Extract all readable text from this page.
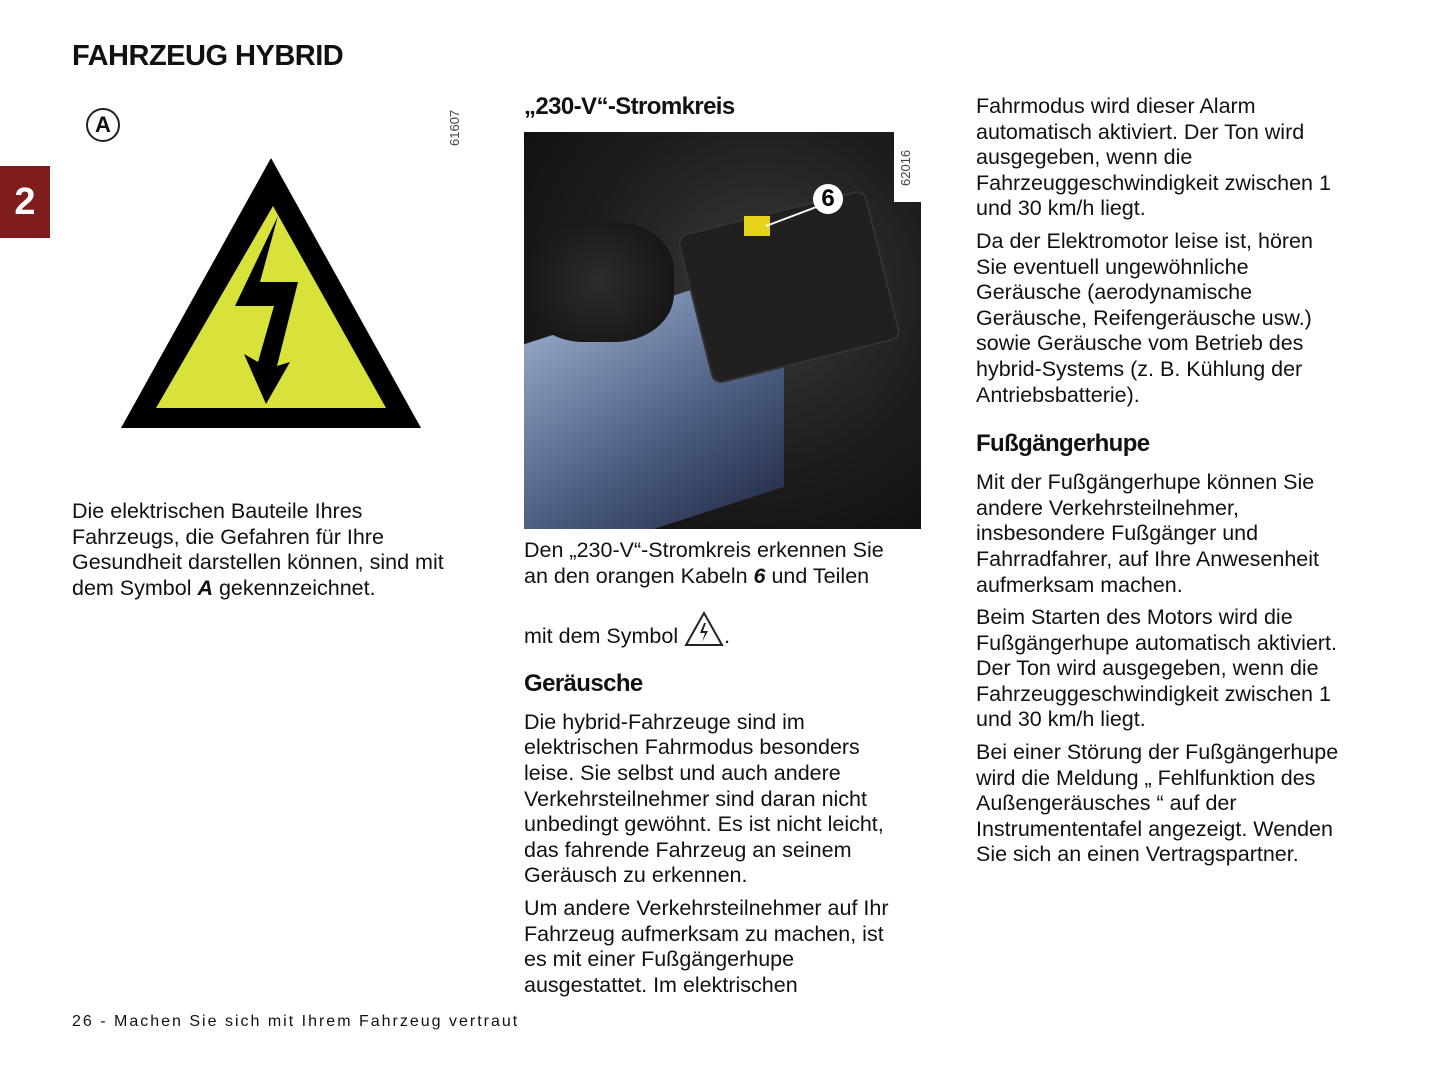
FAHRZEUG HYBRID
2
A	61607

Die elektrischen Bauteile Ihres
Fahrzeugs, die Gefahren für Ihre
Gesundheit darstellen können, sind mit
dem Symbol A gekennzeichnet.

„230-V“-Stromkreis
6
62016

Den „230-V“-Stromkreis erkennen Sie
an den orangen Kabeln 6 und Teilen

mit dem Symbol .

Geräusche

Die hybrid-Fahrzeuge sind im
elektrischen Fahrmodus besonders
leise. Sie selbst und auch andere
Verkehrsteilnehmer sind daran nicht
unbedingt gewöhnt. Es ist nicht leicht,
das fahrende Fahrzeug an seinem
Geräusch zu erkennen.

Um andere Verkehrsteilnehmer auf Ihr
Fahrzeug aufmerksam zu machen, ist
es mit einer Fußgängerhupe
ausgestattet. Im elektrischen

Fahrmodus wird dieser Alarm
automatisch aktiviert. Der Ton wird
ausgegeben, wenn die
Fahrzeuggeschwindigkeit zwischen 1
und 30 km/h liegt.

Da der Elektromotor leise ist, hören
Sie eventuell ungewöhnliche
Geräusche (aerodynamische
Geräusche, Reifengeräusche usw.)
sowie Geräusche vom Betrieb des
hybrid-Systems (z. B. Kühlung der
Antriebsbatterie).

Fußgängerhupe

Mit der Fußgängerhupe können Sie
andere Verkehrsteilnehmer,
insbesondere Fußgänger und
Fahrradfahrer, auf Ihre Anwesenheit
aufmerksam machen.

Beim Starten des Motors wird die
Fußgängerhupe automatisch aktiviert.
Der Ton wird ausgegeben, wenn die
Fahrzeuggeschwindigkeit zwischen 1
und 30 km/h liegt.

Bei einer Störung der Fußgängerhupe
wird die Meldung „ Fehlfunktion des
Außengeräusches “ auf der
Instrumententafel angezeigt. Wenden
Sie sich an einen Vertragspartner.

26 - Machen Sie sich mit Ihrem Fahrzeug vertraut
